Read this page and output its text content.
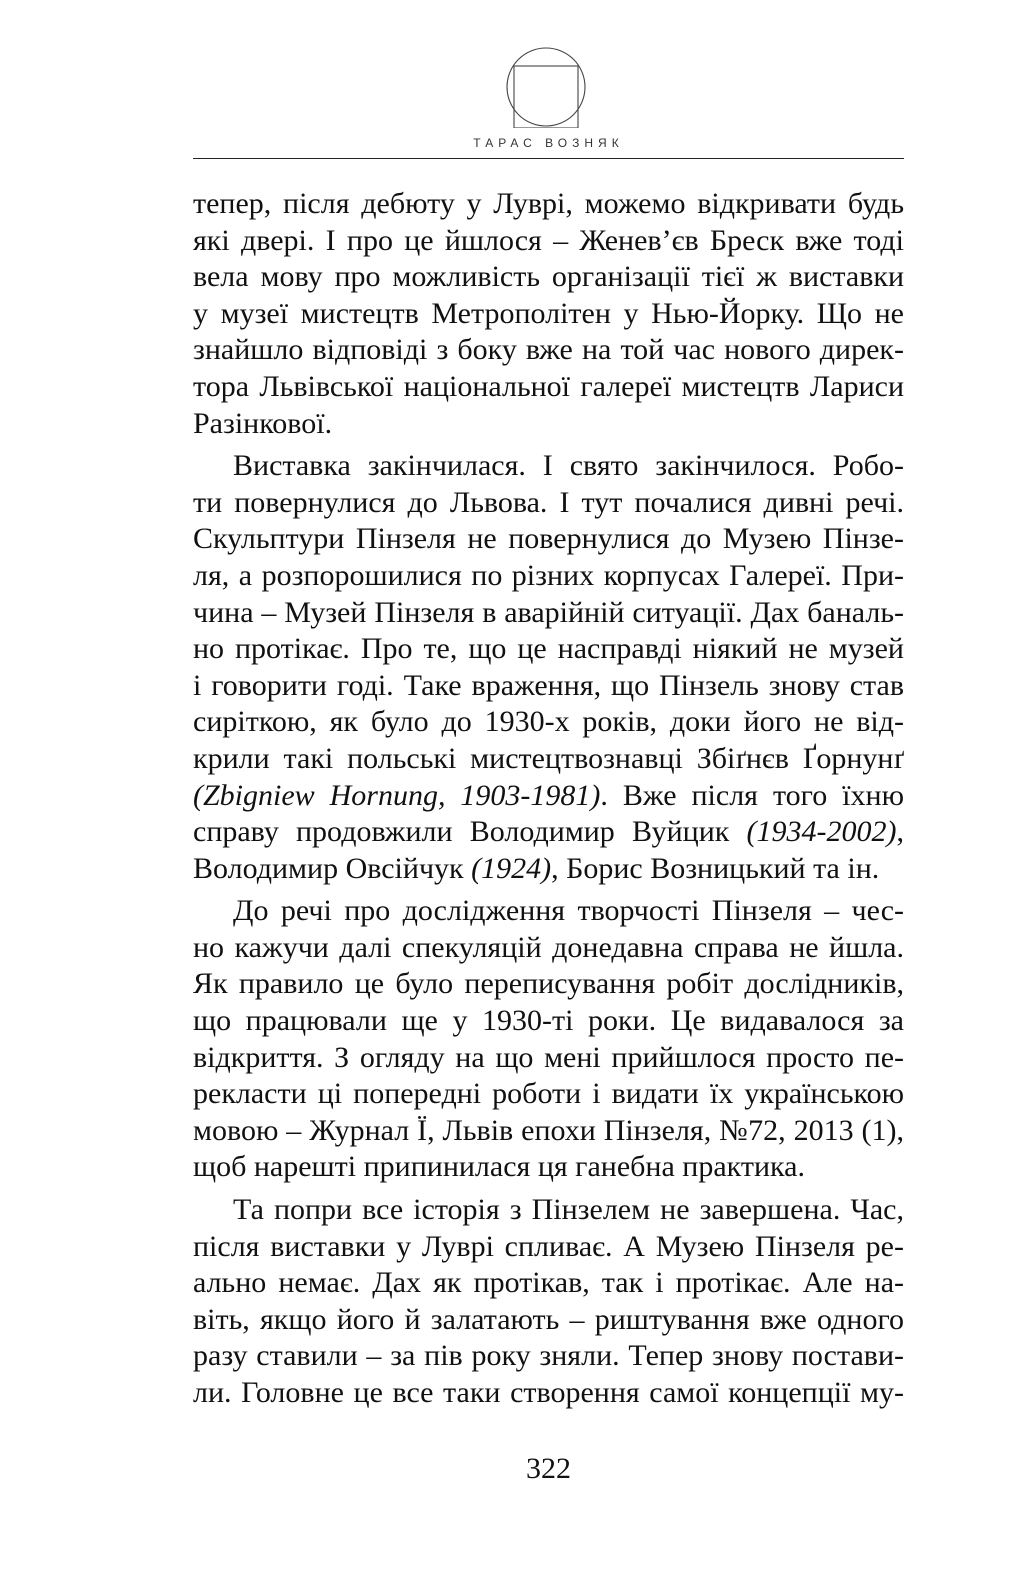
ТАРАС ВОЗНЯК

тепер, після дебюту у Луврі, можемо відкривати будь
які двері. І про це йшлося – Женев’єв Бреск вже тоді
вела мову про можливість організації тієї ж виставки
у музеї мистецтв Метрополітен у Нью-Йорку. Що не
знайшло відповіді з боку вже на той час нового дирек-
тора Львівської національної галереї мистецтв Лариси
Разінкової.

Виставка закінчилася. І свято закінчилося. Робо-
ти повернулися до Львова. І тут почалися дивні речі.
Скульптури Пінзеля не повернулися до Музею Пінзе-
ля, а розпорошилися по різних корпусах Галереї. При-
чина – Музей Пінзеля в аварійній ситуації. Дах баналь-
но протікає. Про те, що це насправді ніякий не музей
і говорити годі. Таке враження, що Пінзель знову став
сиріткою, як було до 1930-х років, доки його не від-
крили такі польські мистецтвознавці Збіґнєв Ґорнунґ
(Zbigniew Hornung, 1903-1981). Вже після того їхню
справу продовжили Володимир Вуйцик (1934-2002),
Володимир Овсійчук (1924), Борис Возницький та ін.

До речі про дослідження творчості Пінзеля – чес-
но кажучи далі спекуляцій донедавна справа не йшла.
Як правило це було переписування робіт дослідників,
що працювали ще у 1930-ті роки. Це видавалося за
відкриття. З огляду на що мені прийшлося просто пе-
рекласти ці попередні роботи і видати їх українською
мовою – Журнал Ї, Львів епохи Пінзеля, №72, 2013 (1),
щоб нарешті припинилася ця ганебна практика.

Та попри все історія з Пінзелем не завершена. Час,
після виставки у Луврі спливає. А Музею Пінзеля ре-
ально немає. Дах як протікав, так і протікає. Але на-
віть, якщо його й залатають – риштування вже одного
разу ставили – за пів року зняли. Тепер знову постави-
ли. Головне це все таки створення самої концепції му-

322
